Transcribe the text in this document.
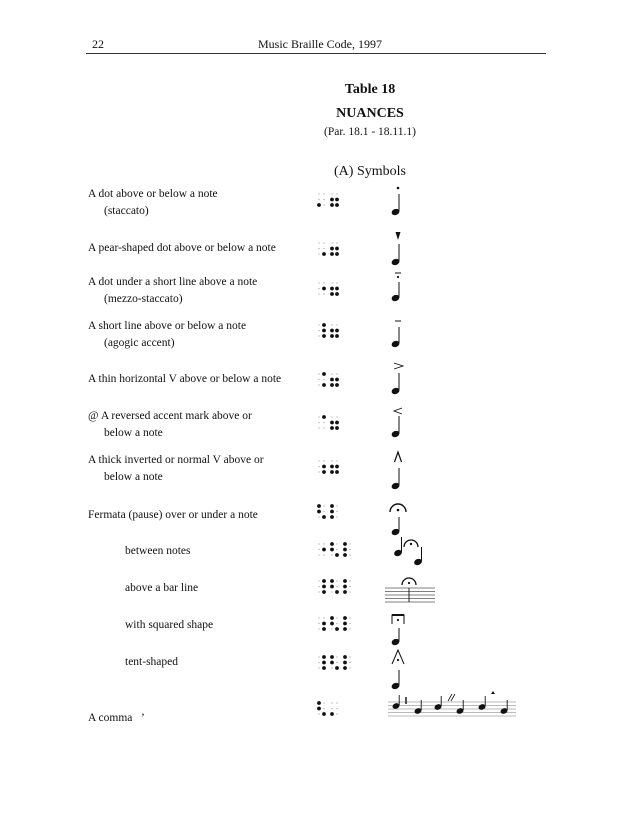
22	Music Braille Code, 1997
Table 18
NUANCES
(Par. 18.1 - 18.11.1)
(A) Symbols
A dot above or below a note
(staccato)
A pear-shaped dot above or below a note
A dot under a short line above a note
(mezzo-staccato)
A short line above or below a note
(agogic accent)
A thin horizontal V above or below a note
@ A reversed accent mark above or
below a note
A thick inverted or normal V above or
below a note
Fermata (pause) over or under a note
between notes
above a bar line
with squared shape
tent-shaped
A comma ’
